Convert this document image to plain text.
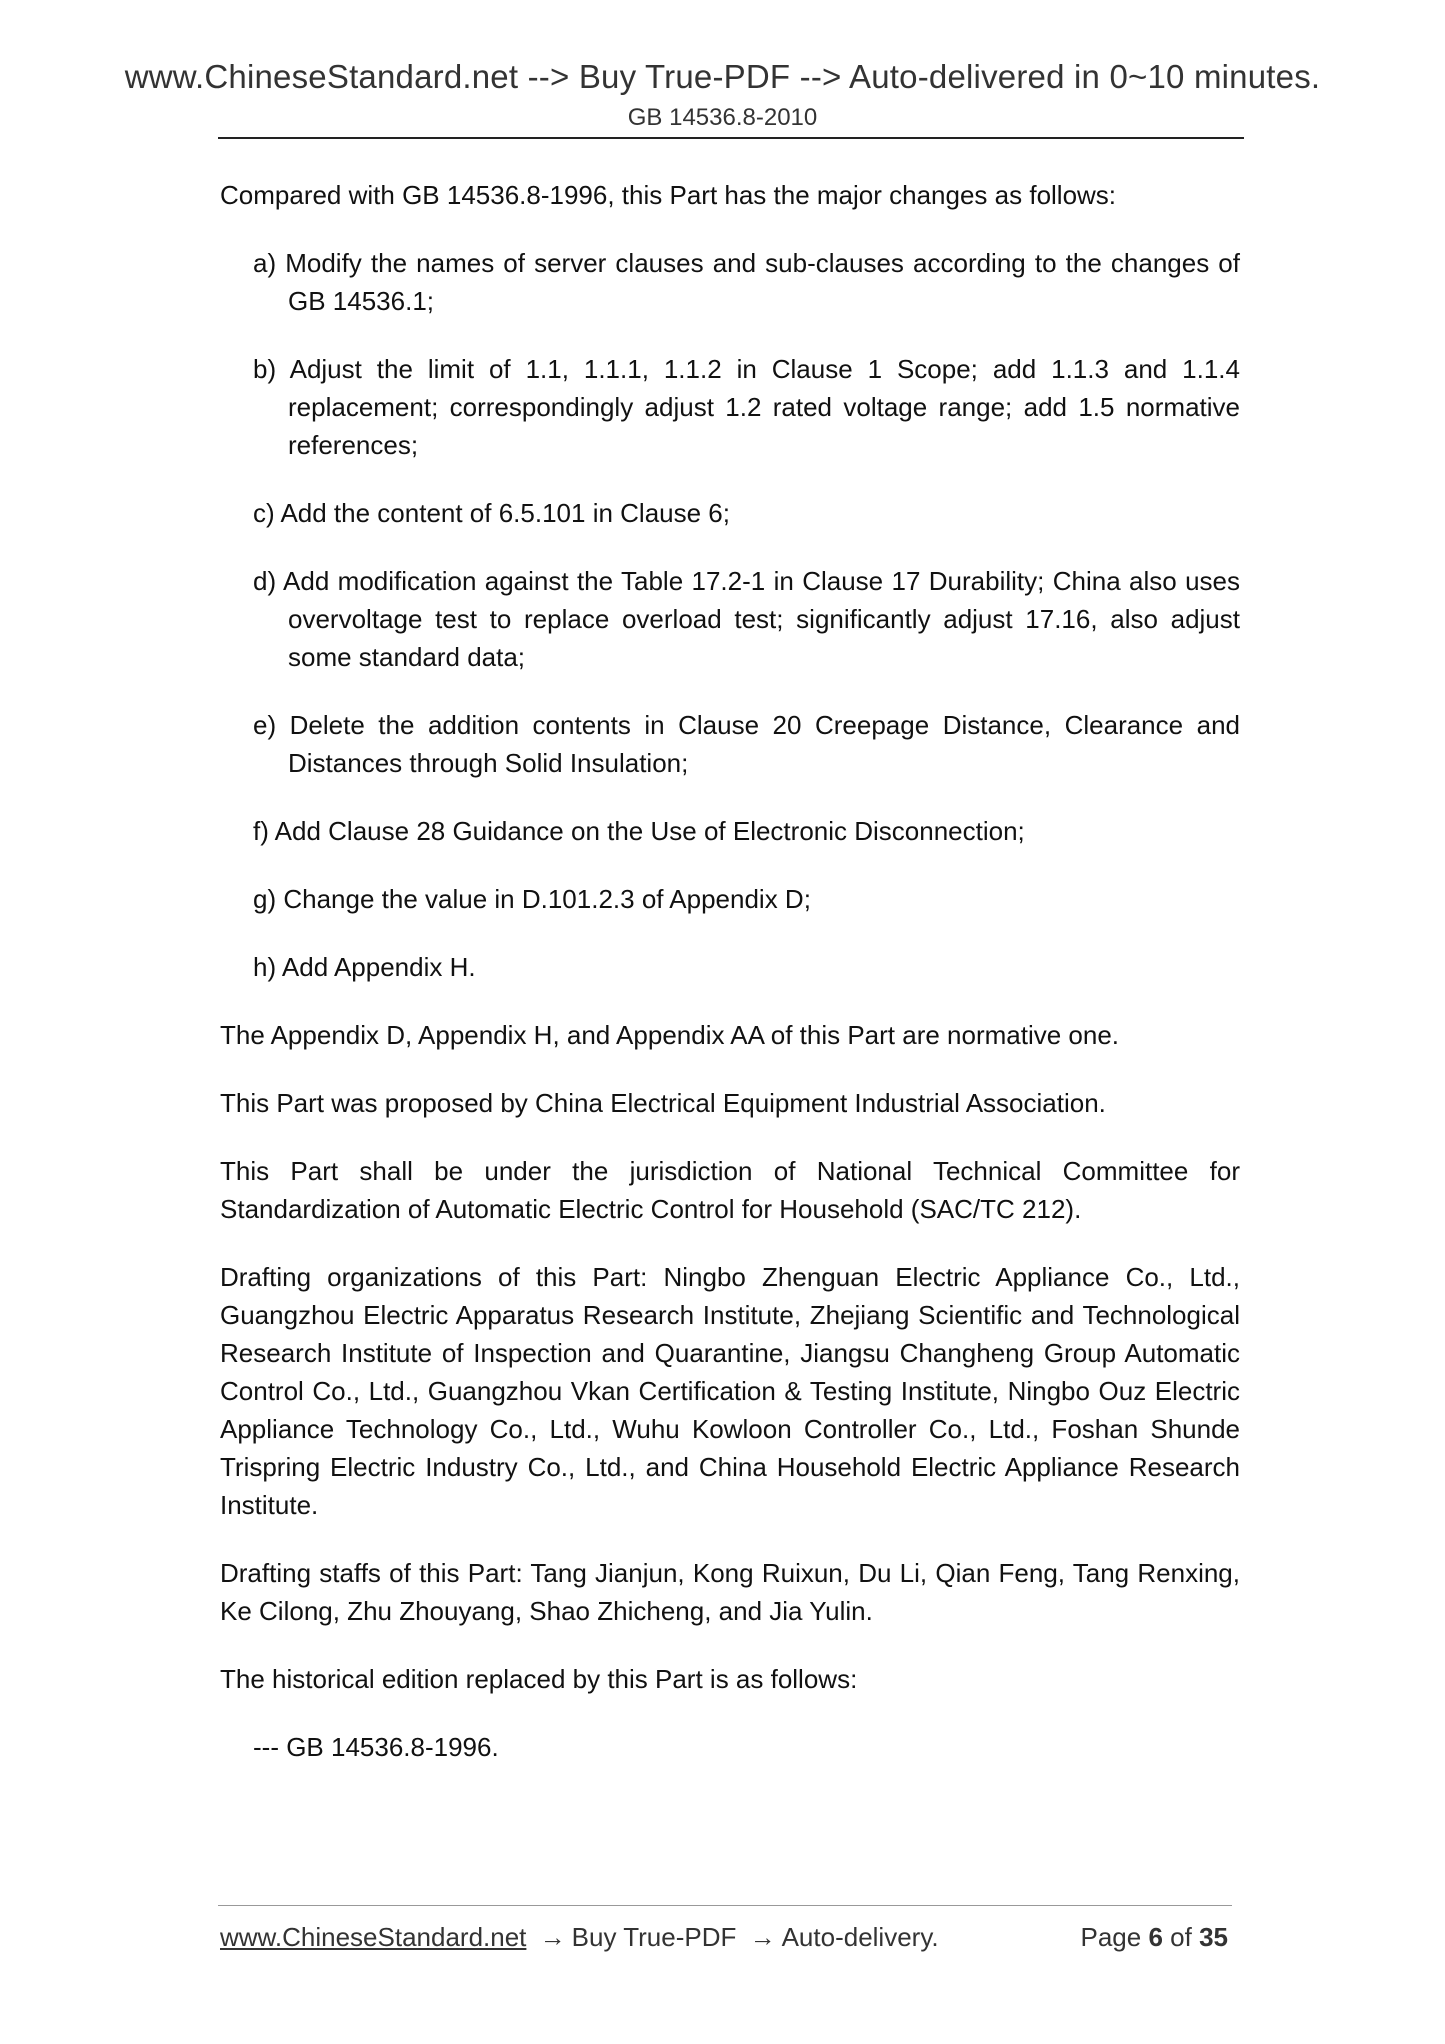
www.ChineseStandard.net --> Buy True-PDF --> Auto-delivered in 0~10 minutes.
GB 14536.8-2010

Compared with GB 14536.8-1996, this Part has the major changes as follows:

a) Modify the names of server clauses and sub-clauses according to the changes of GB 14536.1;

b) Adjust the limit of 1.1, 1.1.1, 1.1.2 in Clause 1 Scope; add 1.1.3 and 1.1.4 replacement; correspondingly adjust 1.2 rated voltage range; add 1.5 normative references;

c) Add the content of 6.5.101 in Clause 6;

d) Add modification against the Table 17.2-1 in Clause 17 Durability; China also uses overvoltage test to replace overload test; significantly adjust 17.16, also adjust some standard data;

e) Delete the addition contents in Clause 20 Creepage Distance, Clearance and Distances through Solid Insulation;

f) Add Clause 28 Guidance on the Use of Electronic Disconnection;

g) Change the value in D.101.2.3 of Appendix D;

h) Add Appendix H.

The Appendix D, Appendix H, and Appendix AA of this Part are normative one.

This Part was proposed by China Electrical Equipment Industrial Association.

This Part shall be under the jurisdiction of National Technical Committee for Standardization of Automatic Electric Control for Household (SAC/TC 212).

Drafting organizations of this Part: Ningbo Zhenguan Electric Appliance Co., Ltd., Guangzhou Electric Apparatus Research Institute, Zhejiang Scientific and Technological Research Institute of Inspection and Quarantine, Jiangsu Changheng Group Automatic Control Co., Ltd., Guangzhou Vkan Certification & Testing Institute, Ningbo Ouz Electric Appliance Technology Co., Ltd., Wuhu Kowloon Controller Co., Ltd., Foshan Shunde Trispring Electric Industry Co., Ltd., and China Household Electric Appliance Research Institute.

Drafting staffs of this Part: Tang Jianjun, Kong Ruixun, Du Li, Qian Feng, Tang Renxing, Ke Cilong, Zhu Zhouyang, Shao Zhicheng, and Jia Yulin.

The historical edition replaced by this Part is as follows:

--- GB 14536.8-1996.

www.ChineseStandard.net → Buy True-PDF → Auto-delivery.	Page 6 of 35
